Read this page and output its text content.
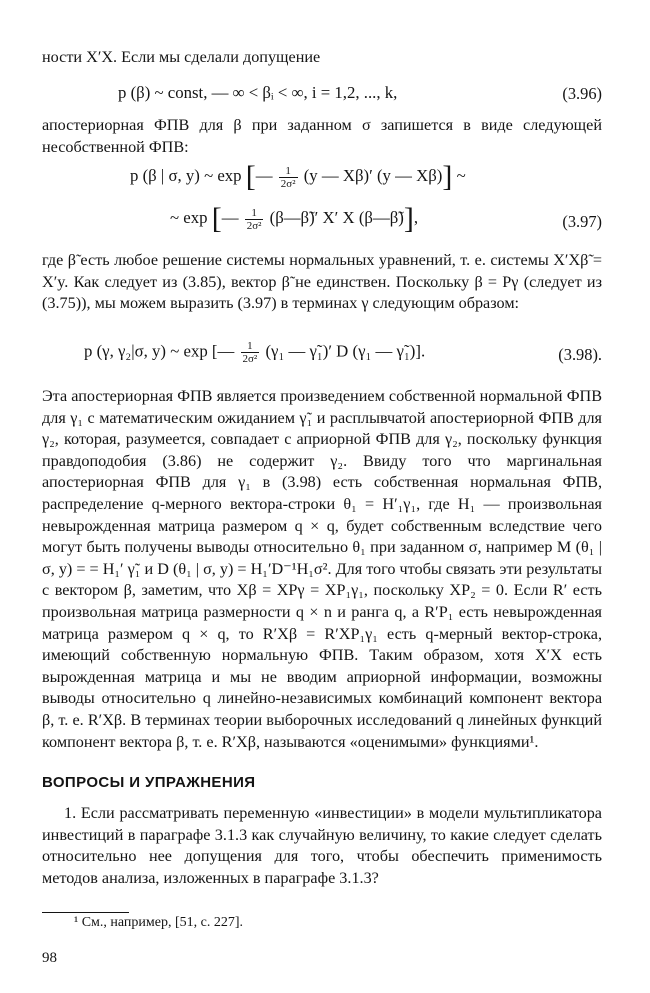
ности X′X. Если мы сделали допущение
p (β) ~ const, — ∞ < βᵢ < ∞, i = 1,2, ..., k,	(3.96)
апостериорная ФПВ для β при заданном σ запишется в виде следующей несобственной ФПВ:
p (β | σ, y) ~ exp [— $\frac{1}{\text{2σ²}} (y$ — Xβ)′ (y — Xβ)] ~
~ exp [— $\frac{1}{\text{2σ²}}$ (β—β̃)′ X′ X (β—β̃)],	(3.97)
где β̃ есть любое решение системы нормальных уравнений, т. е. системы X′Xβ̃ = X′y. Как следует из (3.85), вектор β̃ не единствен. Поскольку β = Pγ (следует из (3.75)), мы можем выразить (3.97) в терминах γ следующим образом:
p (γ, γ₂|σ, y) ~ exp [— $\frac{1}{\text{2σ²}} (\gamma_1$ — γ̃₁)′ D (γ₁ — γ̃₁)].	(3.98).
Эта апостериорная ФПВ является произведением собственной нормальной ФПВ для γ₁ с математическим ожиданием γ̃₁ и расплывчатой апостериорной ФПВ для γ₂, которая, разумеется, совпадает с априорной ФПВ для γ₂, поскольку функция правдоподобия (3.86) не содержит γ₂. Ввиду того что маргинальная апостериорная ФПВ для γ₁ в (3.98) есть собственная нормальная ФПВ, распределение q-мерного вектора-строки θ₁ = H′₁γ₁, где H₁ — произвольная невырожденная матрица размером q × q, будет собственным вследствие чего могут быть получены выводы относительно θ₁ при заданном σ, например M (θ₁ | σ, y) = = H₁′ γ̃₁ и D (θ₁ | σ, y) = H₁′D⁻¹H₁σ². Для того чтобы связать эти результаты с вектором β, заметим, что Xβ = XPγ = XP₁γ₁, поскольку XP₂ = 0. Если R′ есть произвольная матрица размерности q × n и ранга q, а R′P₁ есть невырожденная матрица размером q × q, то R′Xβ = R′XP₁γ₁ есть q-мерный вектор-строка, имеющий собственную нормальную ФПВ. Таким образом, хотя X′X есть вырожденная матрица и мы не вводим априорной информации, возможны выводы относительно q линейно-независимых комбинаций компонент вектора β, т. е. R′Xβ. В терминах теории выборочных исследований q линейных функций компонент вектора β, т. е. R′Xβ, называются «оценимыми» функциями¹.
ВОПРОСЫ И УПРАЖНЕНИЯ
1. Если рассматривать переменную «инвестиции» в модели мультипликатора инвестиций в параграфе 3.1.3 как случайную величину, то какие следует сделать относительно нее допущения для того, чтобы обеспечить применимость методов анализа, изложенных в параграфе 3.1.3?
¹ См., например, [51, с. 227].
98
